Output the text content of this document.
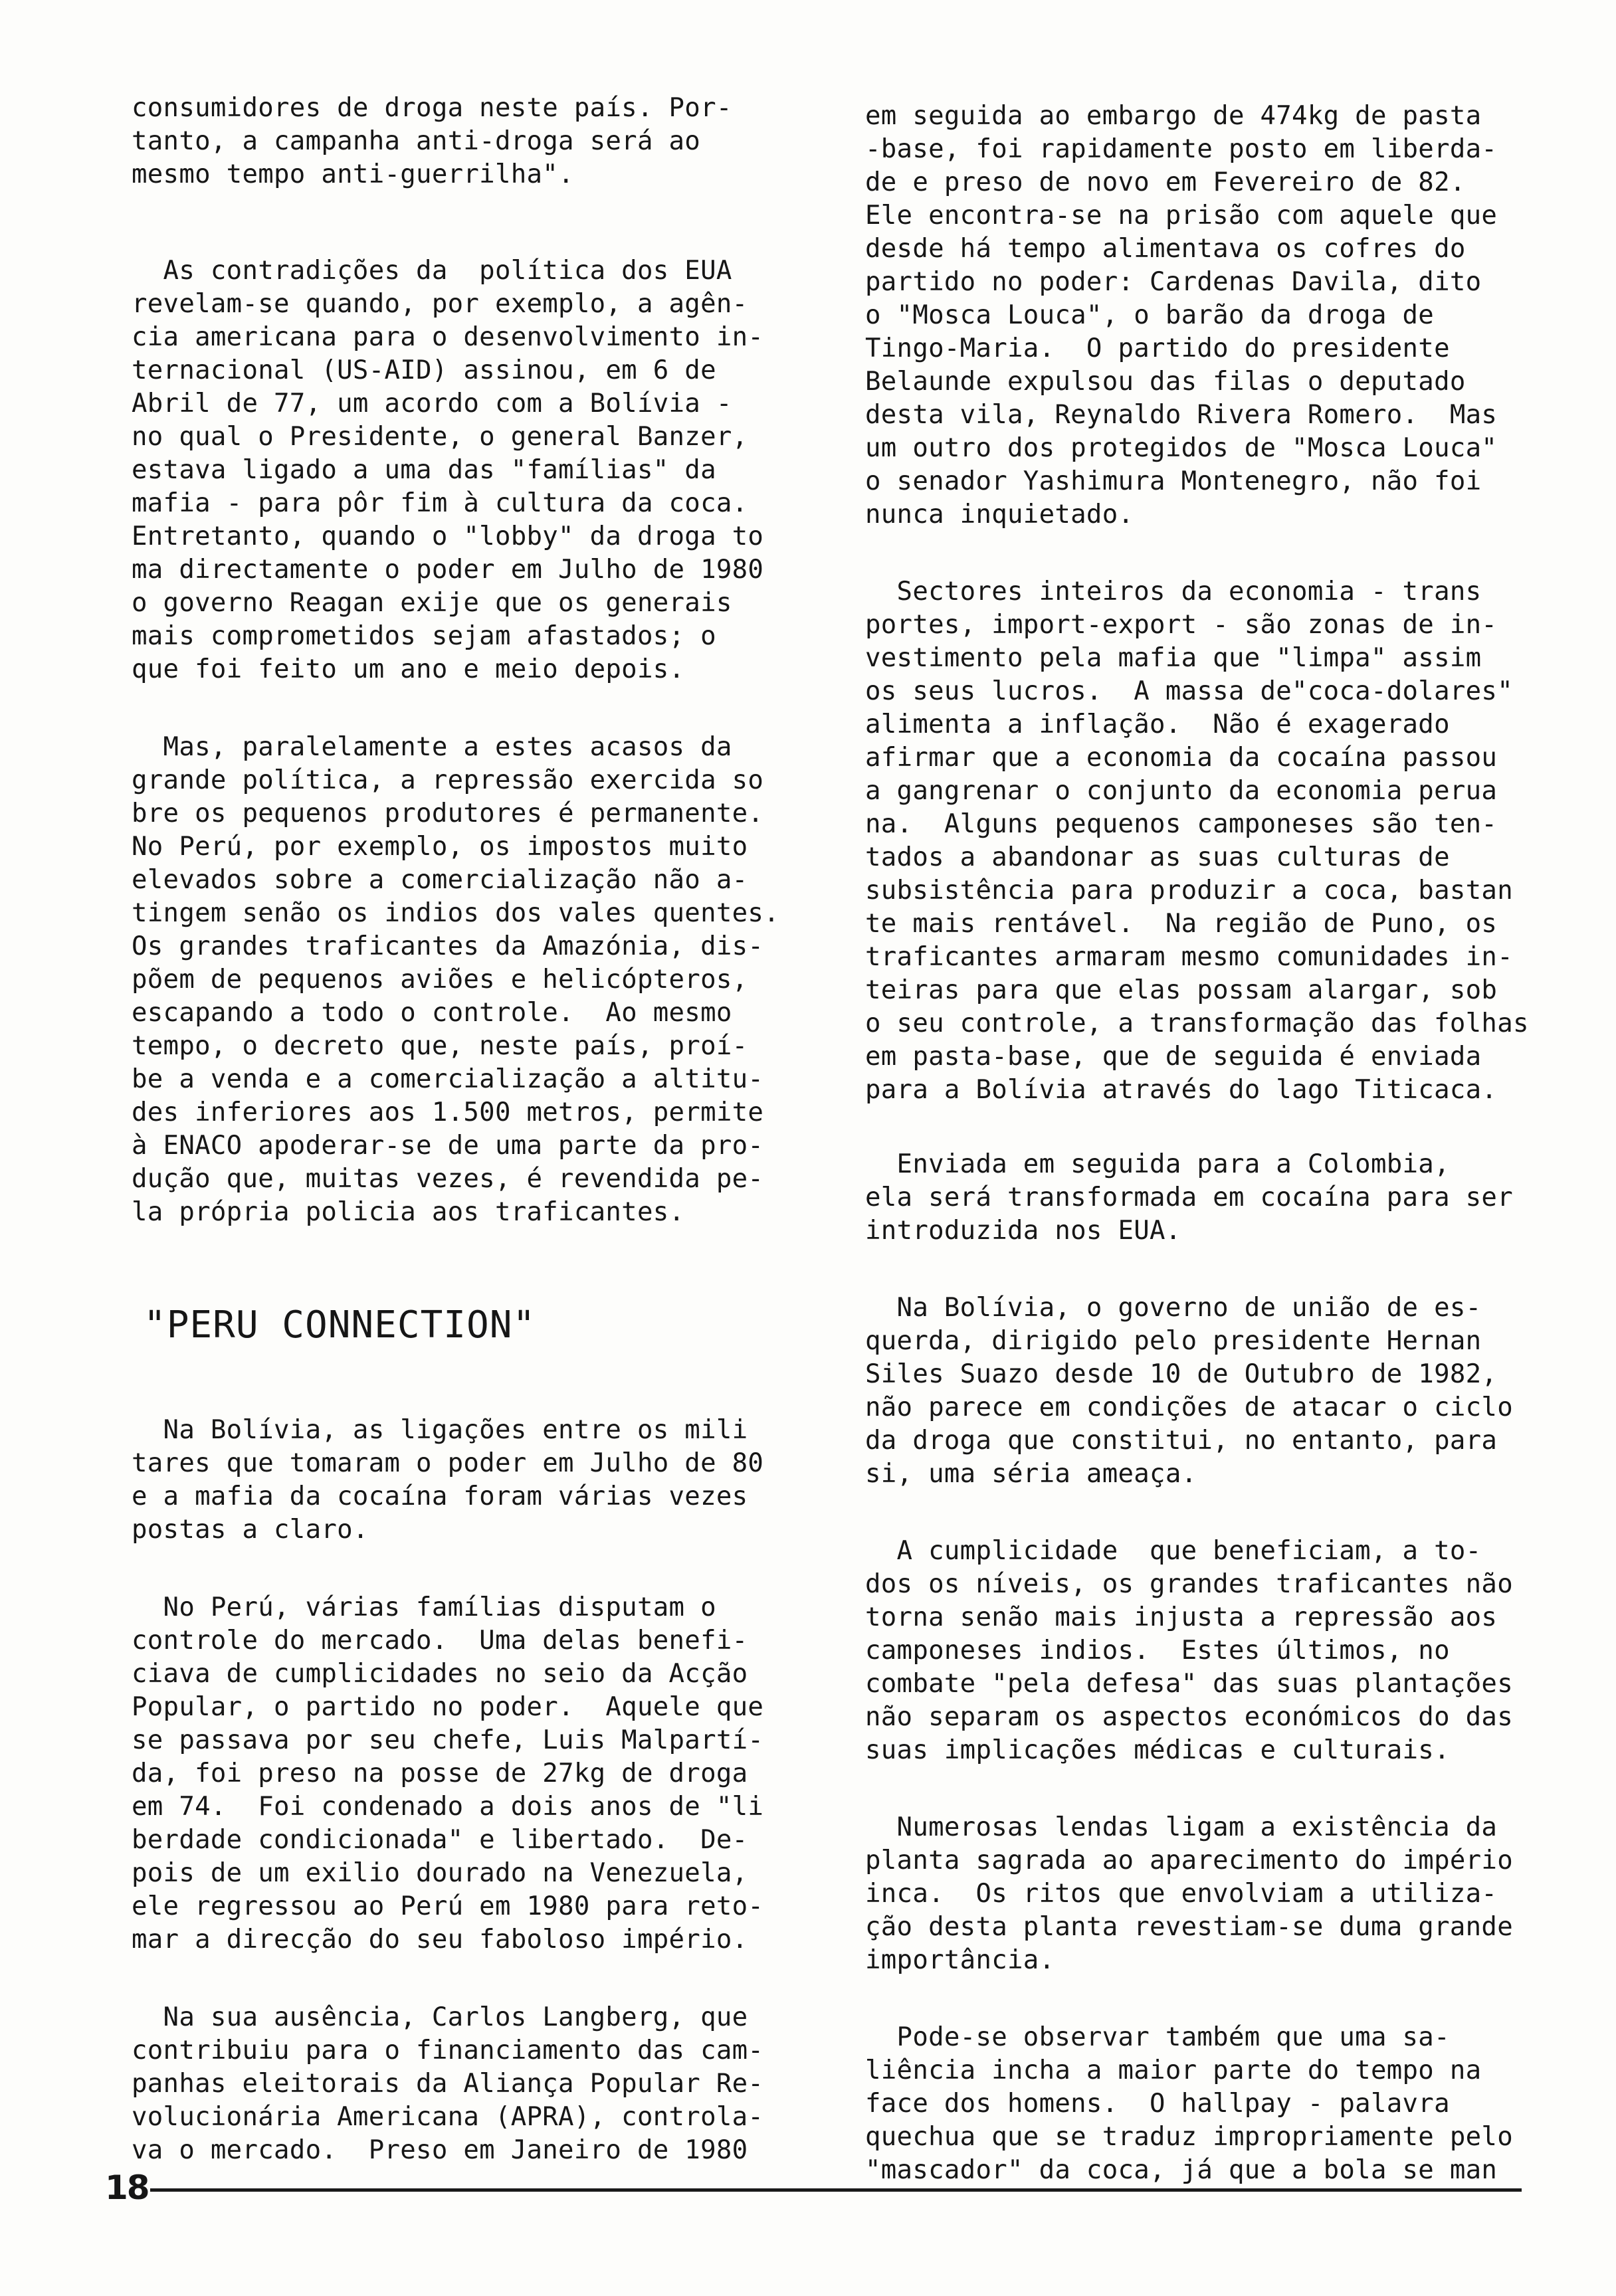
consumidores de droga neste país. Por-
tanto, a campanha anti-droga será ao
mesmo tempo anti-guerrilha".

As contradições da  política dos EUA
revelam-se quando, por exemplo, a agên-
cia americana para o desenvolvimento in-
ternacional (US-AID) assinou, em 6 de
Abril de 77, um acordo com a Bolívia -
no qual o Presidente, o general Banzer,
estava ligado a uma das "famílias" da
mafia - para pôr fim à cultura da coca.
Entretanto, quando o "lobby" da droga to
ma directamente o poder em Julho de 1980
o governo Reagan exije que os generais
mais comprometidos sejam afastados; o
que foi feito um ano e meio depois.

Mas, paralelamente a estes acasos da
grande política, a repressão exercida so
bre os pequenos produtores é permanente.
No Perú, por exemplo, os impostos muito
elevados sobre a comercialização não a-
tingem senão os indios dos vales quentes.
Os grandes traficantes da Amazónia, dis-
põem de pequenos aviões e helicópteros,
escapando a todo o controle.  Ao mesmo
tempo, o decreto que, neste país, proí-
be a venda e a comercialização a altitu-
des inferiores aos 1.500 metros, permite
à ENACO apoderar-se de uma parte da pro-
dução que, muitas vezes, é revendida pe-
la própria policia aos traficantes.

"PERU CONNECTION"

Na Bolívia, as ligações entre os mili
tares que tomaram o poder em Julho de 80
e a mafia da cocaína foram várias vezes
postas a claro.

No Perú, várias famílias disputam o
controle do mercado.  Uma delas benefi-
ciava de cumplicidades no seio da Acção
Popular, o partido no poder.  Aquele que
se passava por seu chefe, Luis Malpartí-
da, foi preso na posse de 27kg de droga
em 74.  Foi condenado a dois anos de "li
berdade condicionada" e libertado.  De-
pois de um exilio dourado na Venezuela,
ele regressou ao Perú em 1980 para reto-
mar a direcção do seu faboloso império.

Na sua ausência, Carlos Langberg, que
contribuiu para o financiamento das cam-
panhas eleitorais da Aliança Popular Re-
volucionária Americana (APRA), controla-
va o mercado.  Preso em Janeiro de 1980

em seguida ao embargo de 474kg de pasta
-base, foi rapidamente posto em liberda-
de e preso de novo em Fevereiro de 82.
Ele encontra-se na prisão com aquele que
desde há tempo alimentava os cofres do
partido no poder: Cardenas Davila, dito
o "Mosca Louca", o barão da droga de
Tingo-Maria.  O partido do presidente
Belaunde expulsou das filas o deputado
desta vila, Reynaldo Rivera Romero.  Mas
um outro dos protegidos de "Mosca Louca"
o senador Yashimura Montenegro, não foi
nunca inquietado.

Sectores inteiros da economia - trans
portes, import-export - são zonas de in-
vestimento pela mafia que "limpa" assim
os seus lucros.  A massa de"coca-dolares"
alimenta a inflação.  Não é exagerado
afirmar que a economia da cocaína passou
a gangrenar o conjunto da economia perua
na.  Alguns pequenos camponeses são ten-
tados a abandonar as suas culturas de
subsistência para produzir a coca, bastan
te mais rentável.  Na região de Puno, os
traficantes armaram mesmo comunidades in-
teiras para que elas possam alargar, sob
o seu controle, a transformação das folhas
em pasta-base, que de seguida é enviada
para a Bolívia através do lago Titicaca.

Enviada em seguida para a Colombia,
ela será transformada em cocaína para ser
introduzida nos EUA.

Na Bolívia, o governo de união de es-
querda, dirigido pelo presidente Hernan
Siles Suazo desde 10 de Outubro de 1982,
não parece em condições de atacar o ciclo
da droga que constitui, no entanto, para
si, uma séria ameaça.

A cumplicidade  que beneficiam, a to-
dos os níveis, os grandes traficantes não
torna senão mais injusta a repressão aos
camponeses indios.  Estes últimos, no
combate "pela defesa" das suas plantações
não separam os aspectos económicos do das
suas implicações médicas e culturais.

Numerosas lendas ligam a existência da
planta sagrada ao aparecimento do império
inca.  Os ritos que envolviam a utiliza-
ção desta planta revestiam-se duma grande
importância.

Pode-se observar também que uma sa-
liência incha a maior parte do tempo na
face dos homens.  O hallpay - palavra
quechua que se traduz impropriamente pelo
"mascador" da coca, já que a bola se man

18
